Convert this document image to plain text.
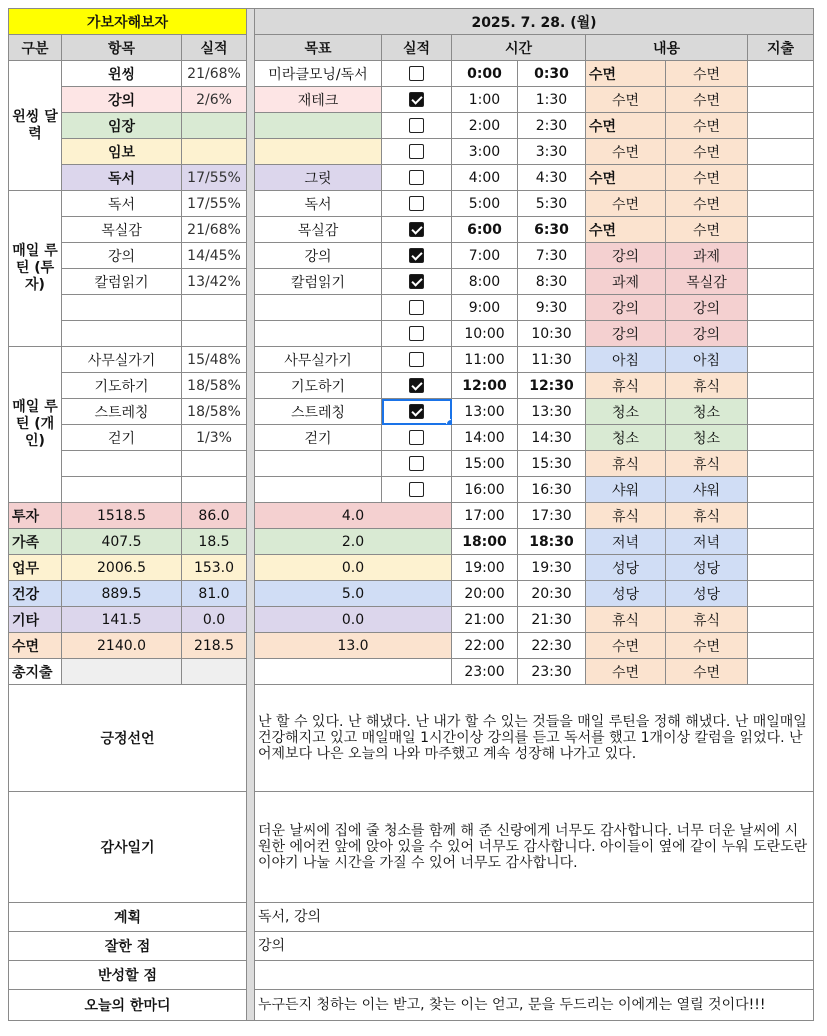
가보자해보자				2025. 7. 28. (월)						
구분	항목	실적		목표	실적	시간		내용		지출
윈씽 달력	윈씽	21/68%		미라클모닝/독서		0:00	0:30	수면	수면	
	강의	2/6%		재테크		1:00	1:30	수면	수면	
	임장					2:00	2:30	수면	수면	
	임보					3:00	3:30	수면	수면	
	독서	17/55%		그릿		4:00	4:30	수면	수면	
매일 루틴 (투자)	독서	17/55%		독서		5:00	5:30	수면	수면	
	목실감	21/68%		목실감		6:00	6:30	수면	수면	
	강의	14/45%		강의		7:00	7:30	강의	과제	
	칼럼읽기	13/42%		칼럼읽기		8:00	8:30	과제	목실감	
						9:00	9:30	강의	강의	
						10:00	10:30	강의	강의	
매일 루틴 (개인)	사무실가기	15/48%		사무실가기		11:00	11:30	아침	아침	
	기도하기	18/58%		기도하기		12:00	12:30	휴식	휴식	
	스트레칭	18/58%		스트레칭		13:00	13:30	청소	청소	
	걷기	1/3%		걷기		14:00	14:30	청소	청소	
						15:00	15:30	휴식	휴식	
						16:00	16:30	샤워	샤워	
투자	1518.5	86.0		4.0		17:00	17:30	휴식	휴식	
가족	407.5	18.5		2.0		18:00	18:30	저녁	저녁	
업무	2006.5	153.0		0.0		19:00	19:30	성당	성당	
건강	889.5	81.0		5.0		20:00	20:30	성당	성당	
기타	141.5	0.0		0.0		21:00	21:30	휴식	휴식	
수면	2140.0	218.5		13.0		22:00	22:30	수면	수면	
총지출						23:00	23:30	수면	수면	
긍정선언				난 할 수 있다. 난 해냈다. 난 내가 할 수 있는 것들을 매일 루틴을 정해 해냈다. 난 매일매일 건강해지고 있고 매일매일 1시간이상 강의를 듣고 독서를 했고 1개이상 칼럼을 읽었다. 난 어제보다 나은 오늘의 나와 마주했고 계속 성장해 나가고 있다.						
감사일기				더운 날씨에 집에 줄 청소를 함께 해 준 신랑에게 너무도 감사합니다. 너무 더운 날씨에 시원한 에어컨 앞에 앉아 있을 수 있어 너무도 감사합니다. 아이들이 옆에 같이 누워 도란도란 이야기 나눌 시간을 가질 수 있어 너무도 감사합니다.						
계획				독서, 강의						
잘한 점				강의						
반성할 점										
오늘의 한마디				누구든지 청하는 이는 받고, 찾는 이는 얻고, 문을 두드리는 이에게는 열릴 것이다!!!						
